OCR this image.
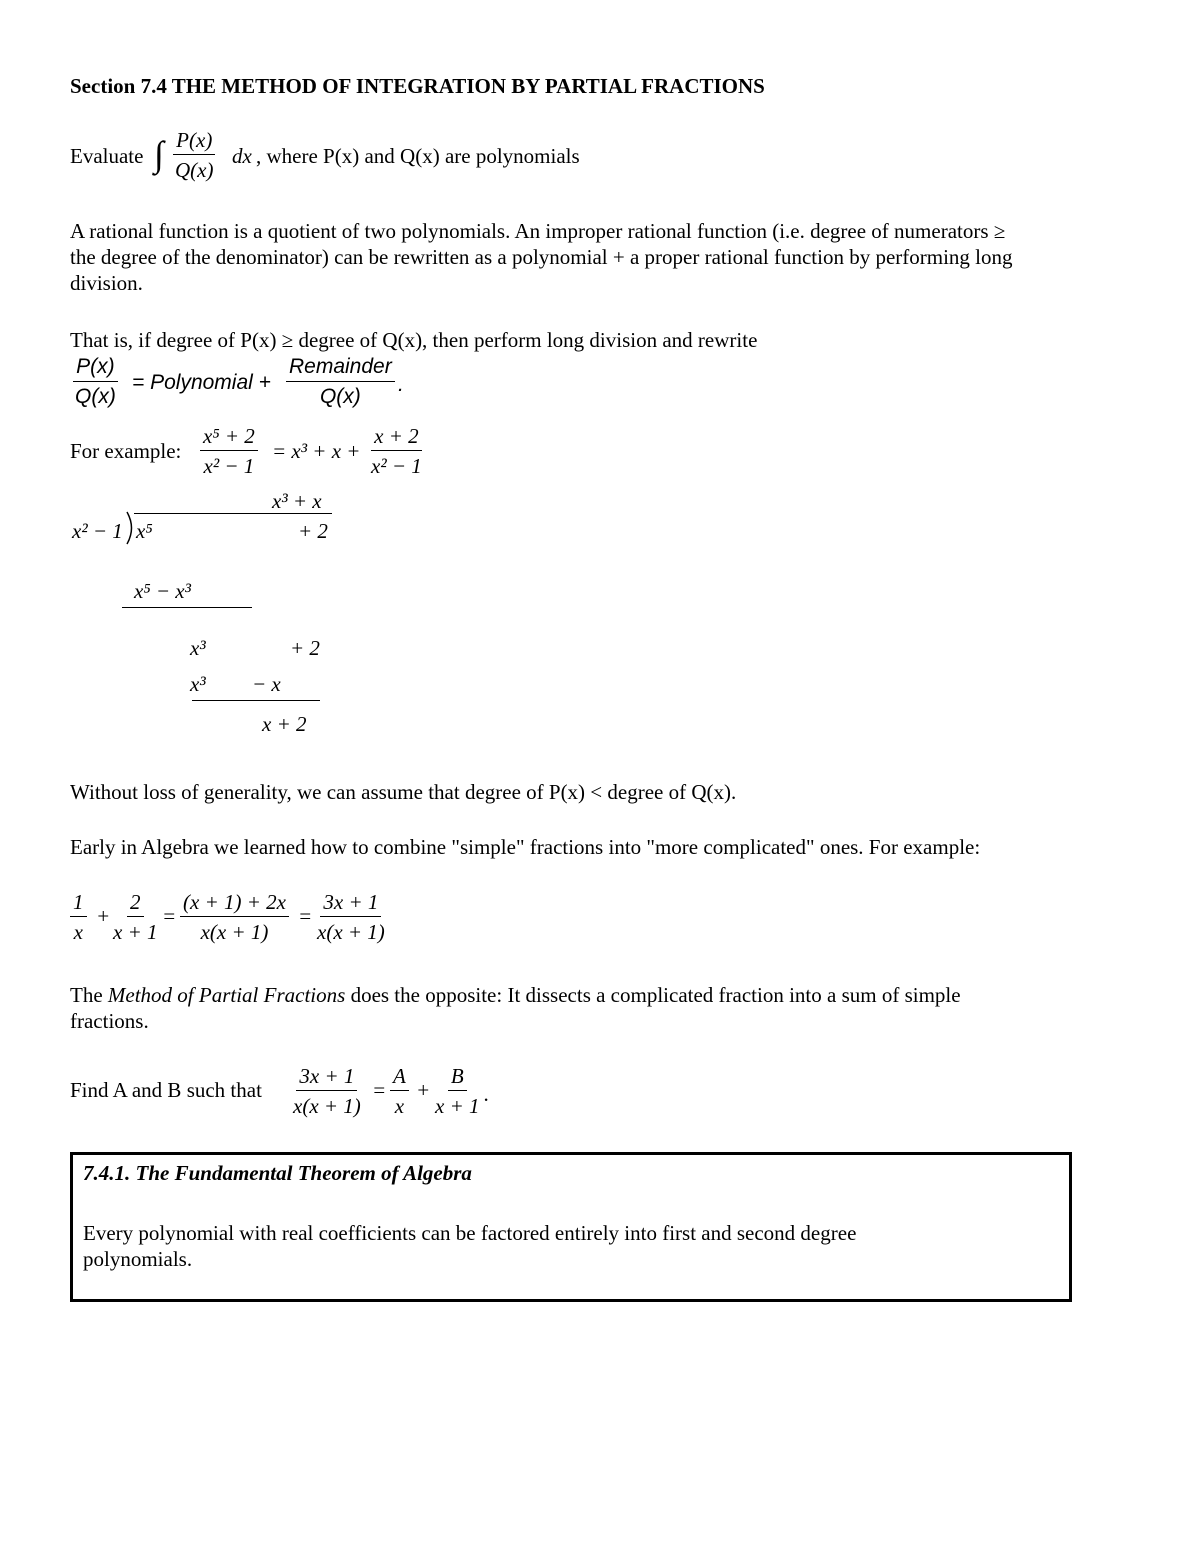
Section 7.4 THE METHOD OF INTEGRATION BY PARTIAL FRACTIONS
Evaluate ∫ $\frac{P(x)}{Q(x)}$ dx , where P(x) and Q(x) are polynomials
A rational function is a quotient of two polynomials. An improper rational function (i.e. degree of numerators ≥
the degree of the denominator) can be rewritten as a polynomial + a proper rational function by performing long
division.
That is, if degree of P(x) ≥ degree of Q(x), then perform long division and rewrite
$\frac{P(x)}{Q(x)}$ = Polynomial +
Remainder
Q(x)
.
For example: $\frac{\text{x⁵ + 2}}{\text{x² − 1}} = x^3 + x + \frac{x + 2}{\text{x² − 1}}$
x³ + x
x² − 1 x⁵	+ 2
x⁵ − x³
x³	+ 2
x³ − x
x + 2
Without loss of generality, we can assume that degree of P(x) < degree of Q(x).
Early in Algebra we learned how to combine "simple" fractions into "more complicated" ones. For example:
$\frac{1}{x} + \frac{2}{x + 1} = \frac{(x + 1) + 2x}{x(x + 1)} = \frac{3x + 1}{x(x + 1)}$
The Method of Partial Fractions does the opposite: It dissects a complicated fraction into a sum of simple
fractions.
Find A and B such that $\frac{3x + 1}{x(x + 1)} = \frac{A}{x} + \frac{B}{x + 1}$ .
7.4.1. The Fundamental Theorem of Algebra
Every polynomial with real coefficients can be factored entirely into first and second degree
polynomials.
